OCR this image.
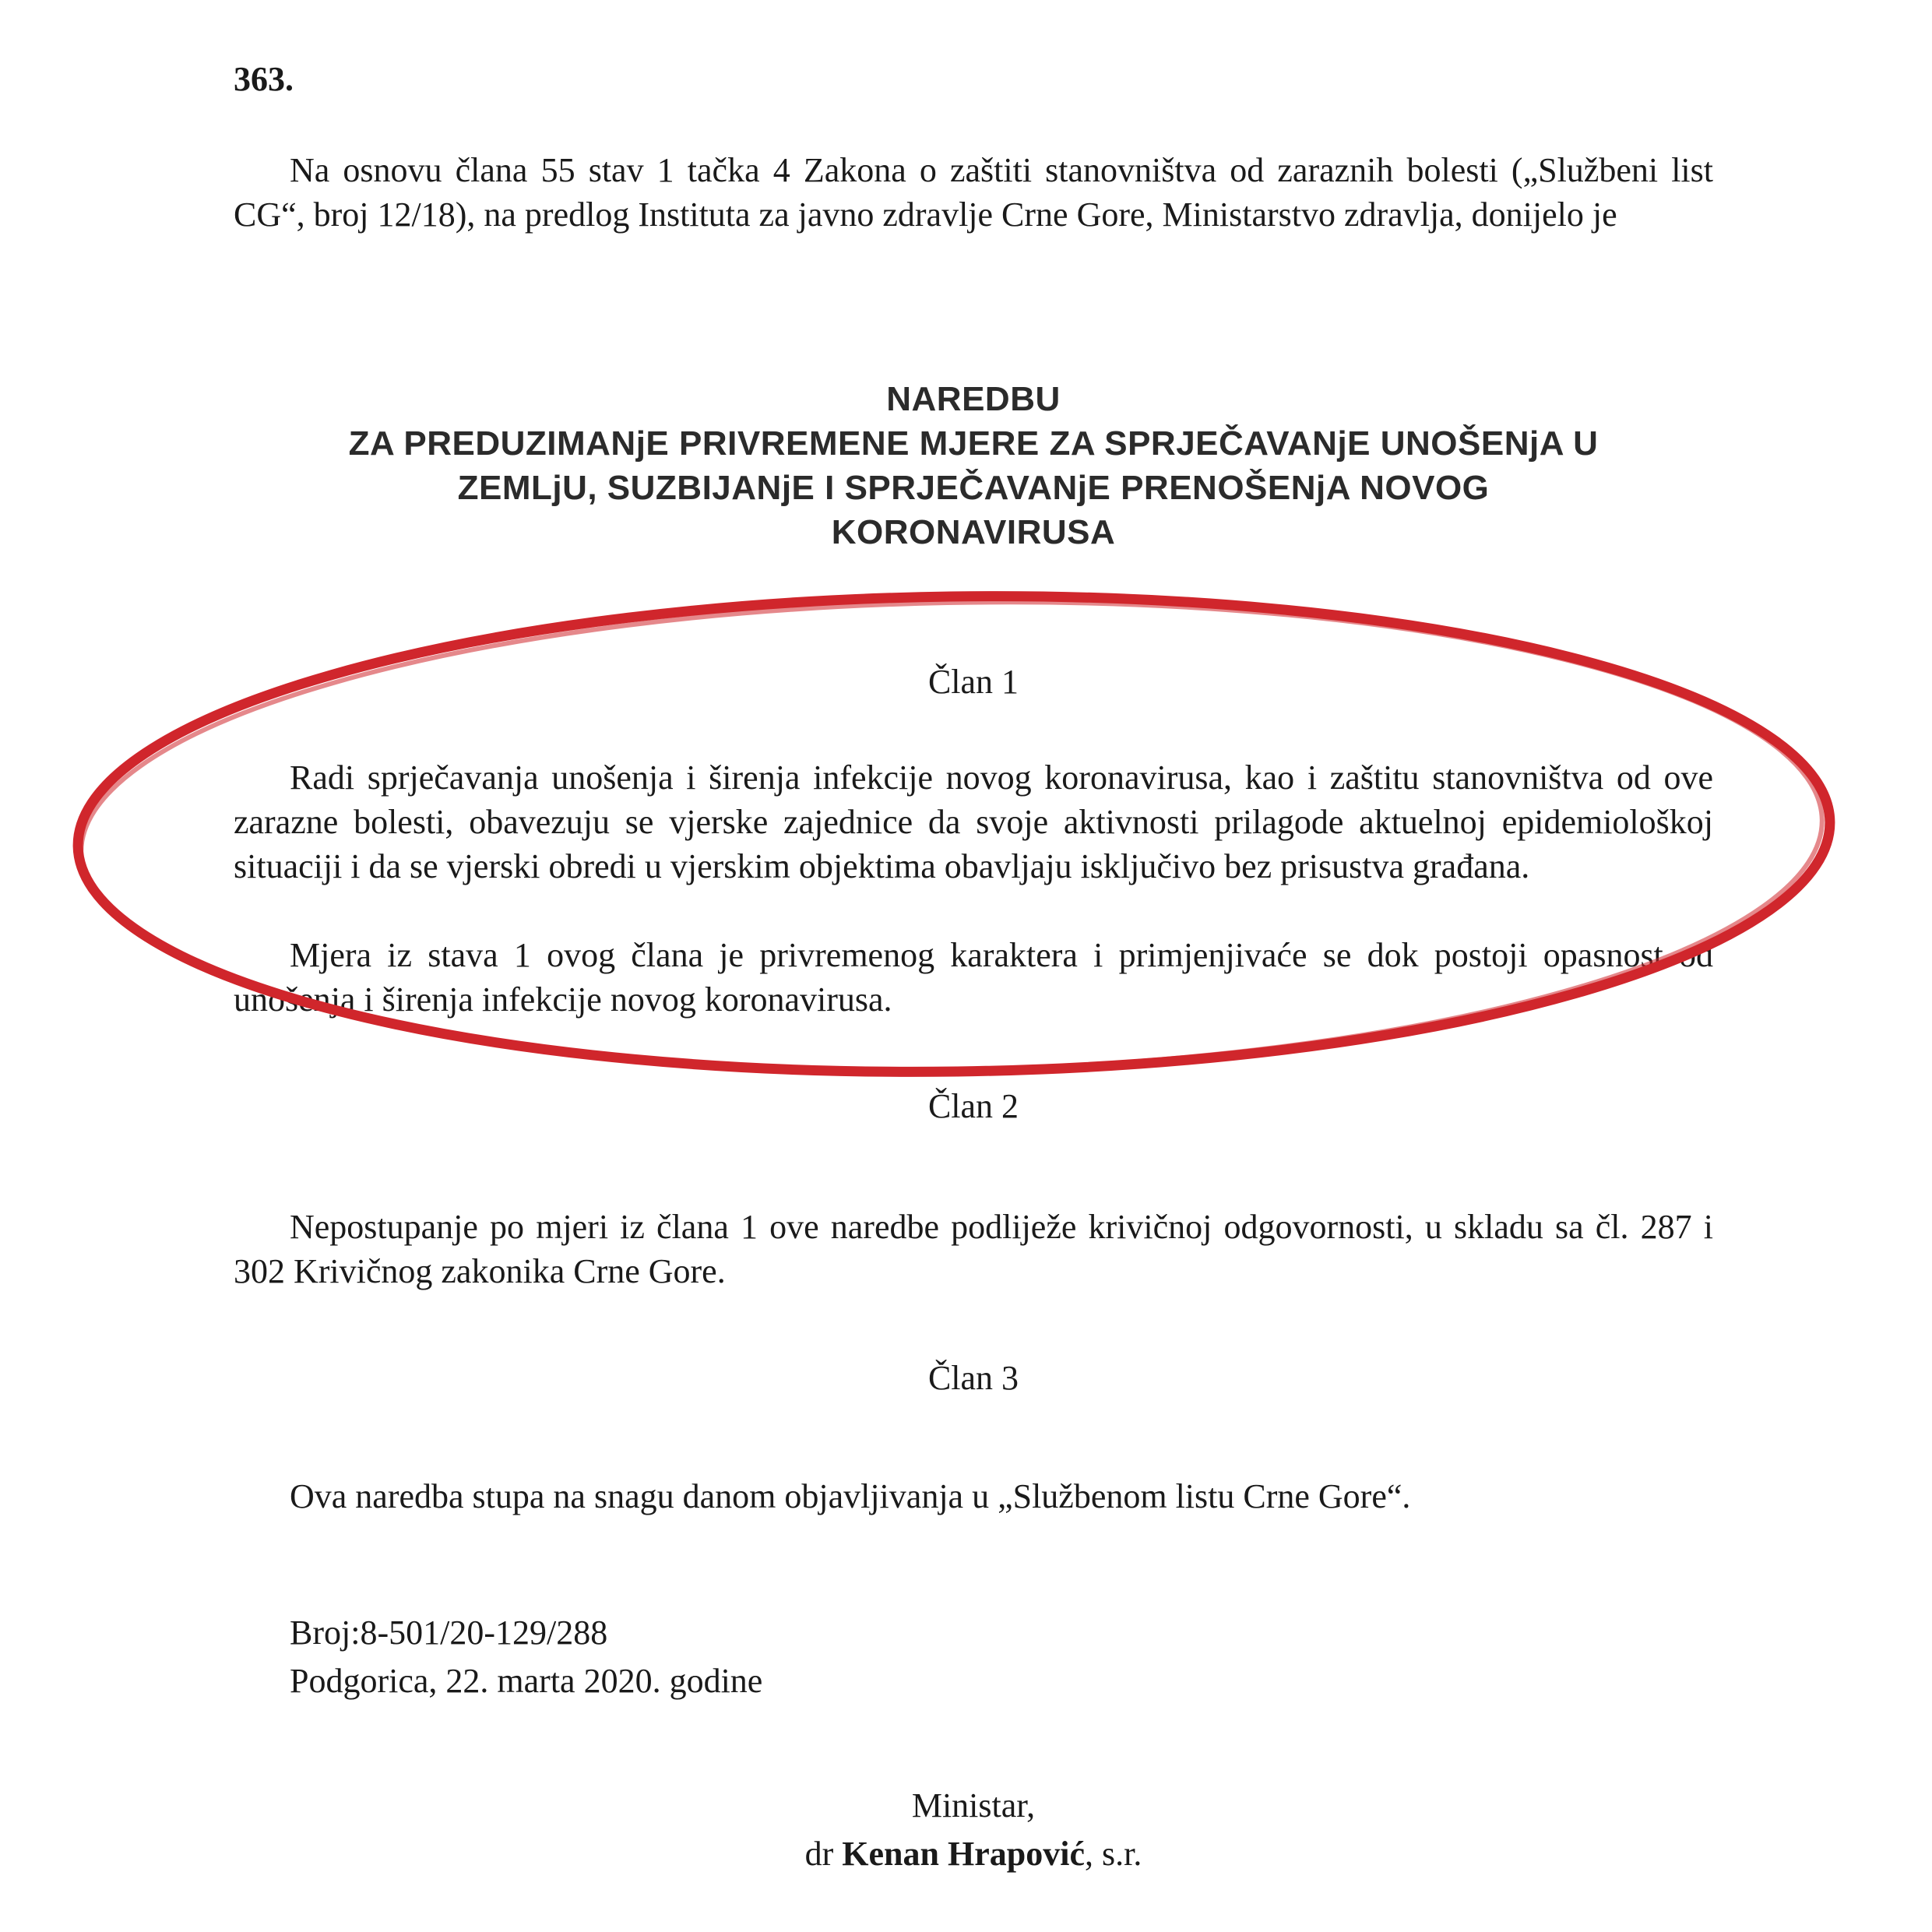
363.
Na osnovu člana 55 stav 1 tačka 4 Zakona o zaštiti stanovništva od zaraznih bolesti („Službeni list CG“, broj 12/18), na predlog Instituta za javno zdravlje Crne Gore, Ministarstvo zdravlja, donijelo je
NAREDBU
ZA PREDUZIMANjE PRIVREMENE MJERE ZA SPRJEČAVANjE UNOŠENjA U
ZEMLjU, SUZBIJANjE I SPRJEČAVANjE PRENOŠENjA NOVOG
KORONAVIRUSA
Član 1
Radi sprječavanja unošenja i širenja infekcije novog koronavirusa, kao i zaštitu stanovništva od ove zarazne bolesti, obavezuju se vjerske zajednice da svoje aktivnosti prilagode aktuelnoj epidemiološkoj situaciji i da se vjerski obredi u vjerskim objektima obavljaju isključivo bez prisustva građana.
Mjera iz stava 1 ovog člana je privremenog karaktera i primjenjivaće se dok postoji opasnost od unošenja i širenja infekcije novog koronavirusa.
Član 2
Nepostupanje po mjeri iz člana 1 ove naredbe podliježe krivičnoj odgovornosti, u skladu sa čl. 287 i 302 Krivičnog zakonika Crne Gore.
Član 3
Ova naredba stupa na snagu danom objavljivanja u „Službenom listu Crne Gore“.
Broj:8-501/20-129/288
Podgorica, 22. marta 2020. godine
Ministar,
dr Kenan Hrapović, s.r.
